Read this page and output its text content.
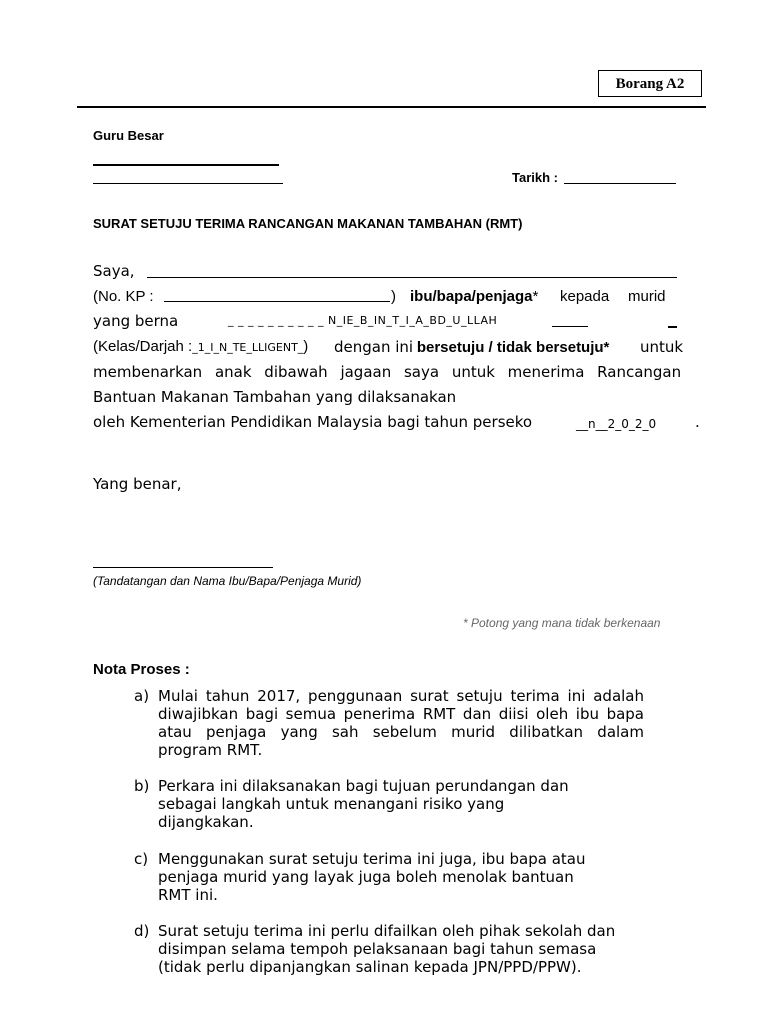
Borang A2
Guru Besar
Tarikh :
SURAT SETUJU TERIMA RANCANGAN MAKANAN TAMBAHAN (RMT)
Saya,
(No. KP :	) ibu/bapa/penjaga* kepada murid
yang berna	_ _ _ _ _ _ _ _ _ _ N_IE_B_IN_T_I_A_BD_U_LLAH
(Kelas/Darjah :_1_I_N_TE_LLIGENT_) dengan ini bersetuju / tidak bersetuju* untuk
membenarkan anak dibawah jagaan saya untuk menerima Rancangan
Bantuan Makanan Tambahan yang dilaksanakan
oleh Kementerian Pendidikan Malaysia bagi tahun perseko	__n__2_0_2_0	.
Yang benar,
(Tandatangan dan Nama Ibu/Bapa/Penjaga Murid)
* Potong yang mana tidak berkenaan
Nota Proses :
a) Mulai tahun 2017, penggunaan surat setuju terima ini adalah diwajibkan bagi semua penerima RMT dan diisi oleh ibu bapa atau penjaga yang sah sebelum murid dilibatkan dalam program RMT.
b) Perkara ini dilaksanakan bagi tujuan perundangan dan sebagai langkah untuk menangani risiko yang dijangkakan.
c) Menggunakan surat setuju terima ini juga, ibu bapa atau penjaga murid yang layak juga boleh menolak bantuan RMT ini.
d) Surat setuju terima ini perlu difailkan oleh pihak sekolah dan disimpan selama tempoh pelaksanaan bagi tahun semasa (tidak perlu dipanjangkan salinan kepada JPN/PPD/PPW).
